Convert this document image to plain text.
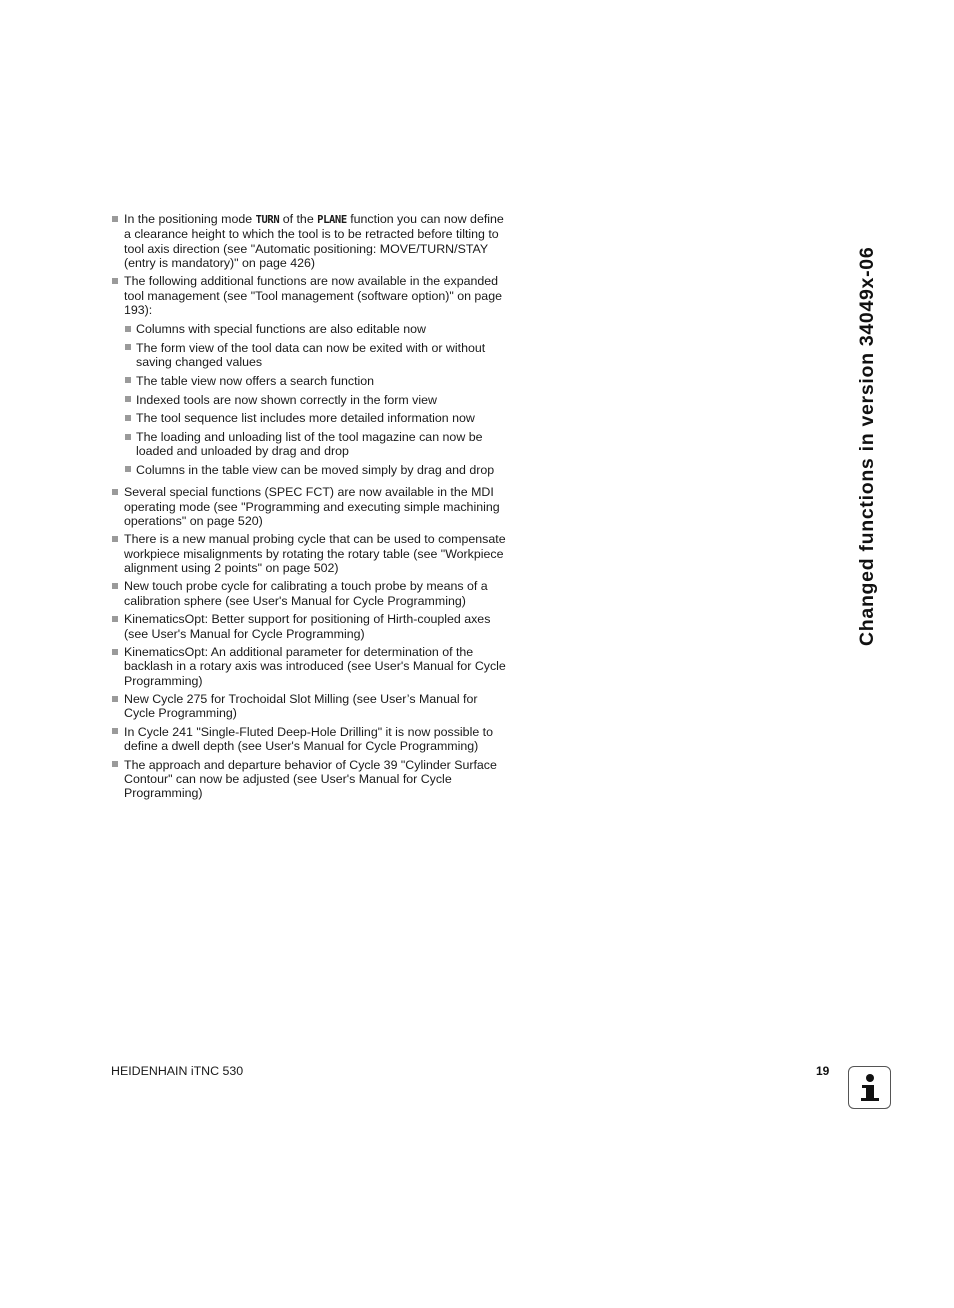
In the positioning mode TURN of the PLANE function you can now define a clearance height to which the tool is to be retracted before tilting to tool axis direction (see "Automatic positioning: MOVE/TURN/STAY (entry is mandatory)" on page 426)
The following additional functions are now available in the expanded tool management (see "Tool management (software option)" on page 193):
Columns with special functions are also editable now
The form view of the tool data can now be exited with or without saving changed values
The table view now offers a search function
Indexed tools are now shown correctly in the form view
The tool sequence list includes more detailed information now
The loading and unloading list of the tool magazine can now be loaded and unloaded by drag and drop
Columns in the table view can be moved simply by drag and drop
Several special functions (SPEC FCT) are now available in the MDI operating mode (see "Programming and executing simple machining operations" on page 520)
There is a new manual probing cycle that can be used to compensate workpiece misalignments by rotating the rotary table (see "Workpiece alignment using 2 points" on page 502)
New touch probe cycle for calibrating a touch probe by means of a calibration sphere (see User's Manual for Cycle Programming)
KinematicsOpt: Better support for positioning of Hirth-coupled axes (see User's Manual for Cycle Programming)
KinematicsOpt: An additional parameter for determination of the backlash in a rotary axis was introduced (see User's Manual for Cycle Programming)
New Cycle 275 for Trochoidal Slot Milling (see User’s Manual for Cycle Programming)
In Cycle 241 "Single-Fluted Deep-Hole Drilling" it is now possible to define a dwell depth (see User's Manual for Cycle Programming)
The approach and departure behavior of Cycle 39 "Cylinder Surface Contour" can now be adjusted (see User's Manual for Cycle Programming)
Changed functions in version 34049x-06
HEIDENHAIN iTNC 530	19
